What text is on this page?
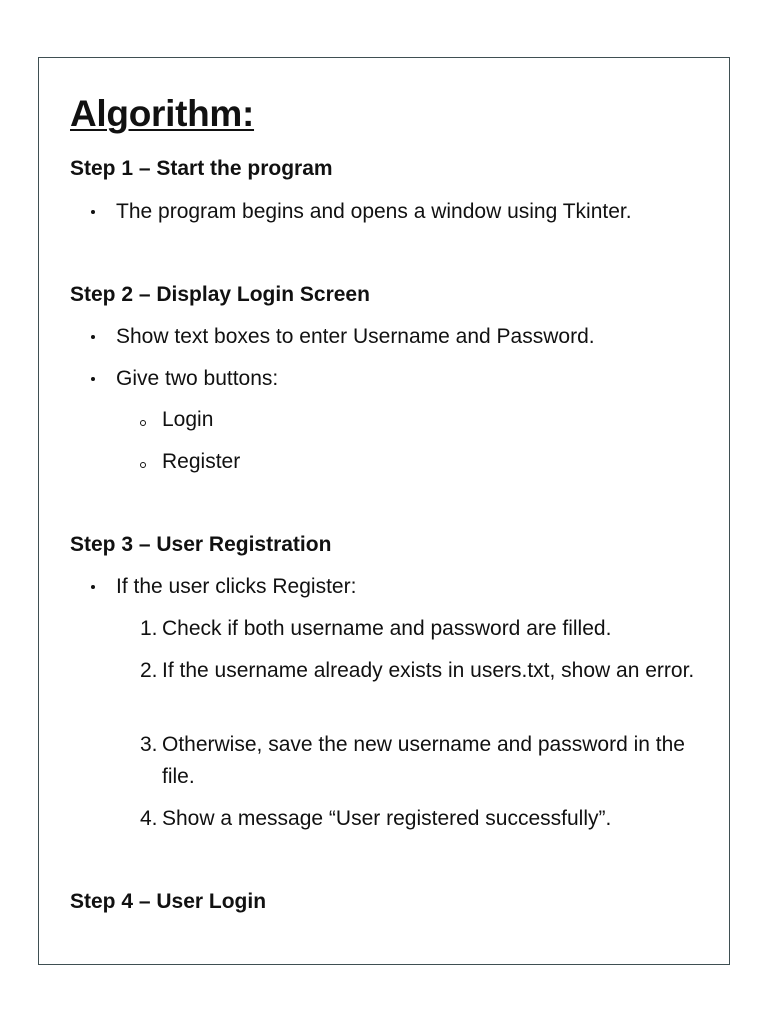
Algorithm:
Step 1 – Start the program
The program begins and opens a window using Tkinter.
Step 2 – Display Login Screen
Show text boxes to enter Username and Password.
Give two buttons:
Login
Register
Step 3 – User Registration
If the user clicks Register:
1. Check if both username and password are filled.
2. If the username already exists in users.txt, show an error.
3. Otherwise, save the new username and password in the file.
4. Show a message “User registered successfully”.
Step 4 – User Login
